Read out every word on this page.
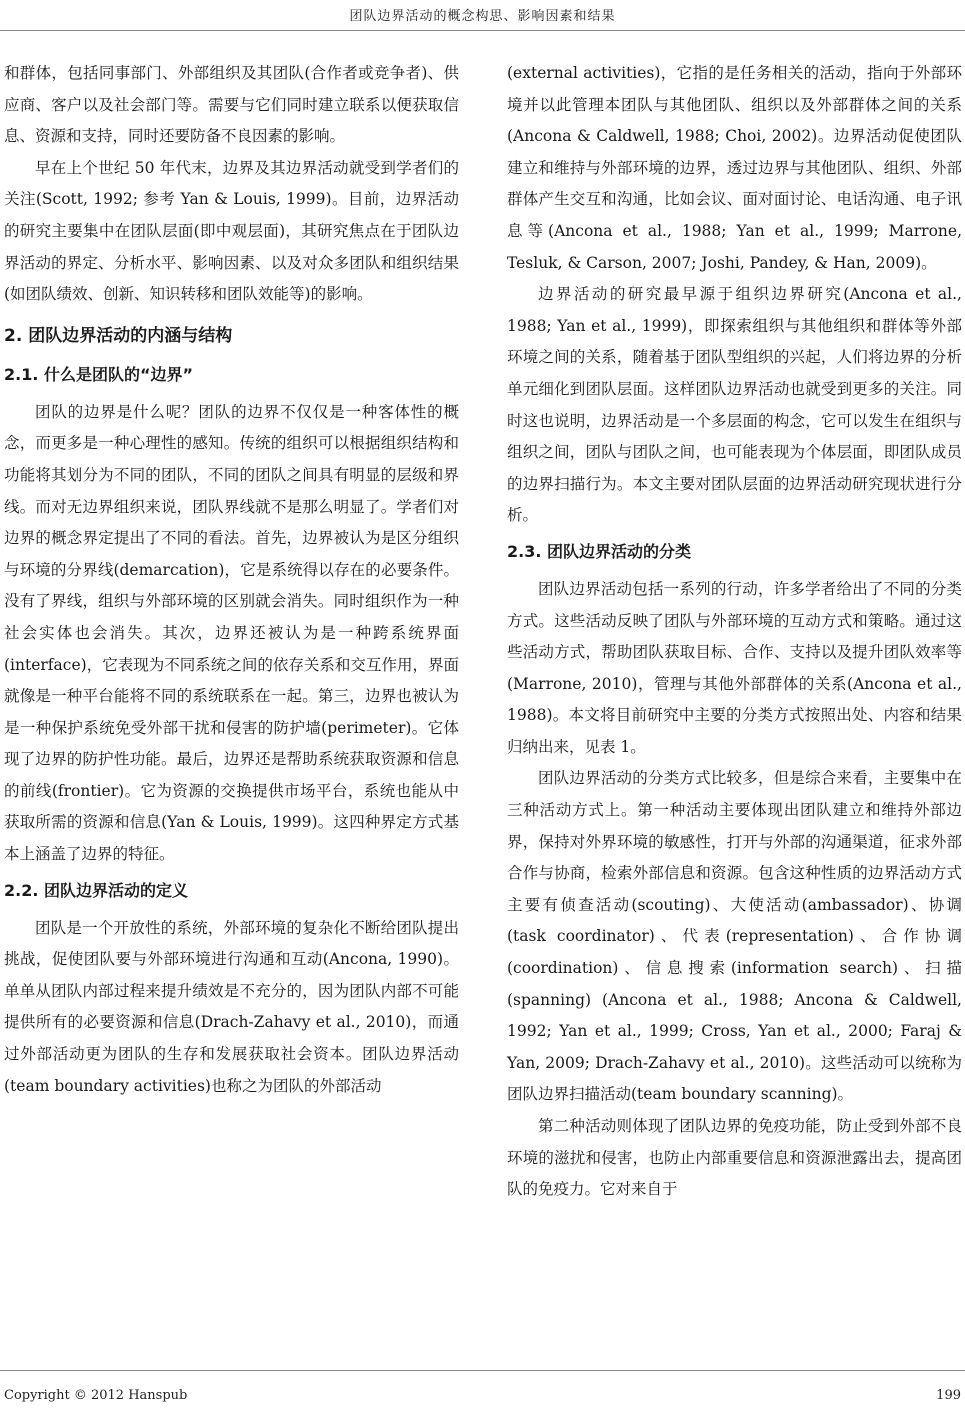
团队边界活动的概念构思、影响因素和结果

和群体，包括同事部门、外部组织及其团队(合作者或竞争者)、供应商、客户以及社会部门等。需要与它们同时建立联系以便获取信息、资源和支持，同时还要防备不良因素的影响。

早在上个世纪 50 年代末，边界及其边界活动就受到学者们的关注(Scott, 1992; 参考 Yan & Louis, 1999)。目前，边界活动的研究主要集中在团队层面(即中观层面)，其研究焦点在于团队边界活动的界定、分析水平、影响因素、以及对众多团队和组织结果(如团队绩效、创新、知识转移和团队效能等)的影响。

2. 团队边界活动的内涵与结构
2.1. 什么是团队的“边界”

团队的边界是什么呢？团队的边界不仅仅是一种客体性的概念，而更多是一种心理性的感知。传统的组织可以根据组织结构和功能将其划分为不同的团队，不同的团队之间具有明显的层级和界线。而对无边界组织来说，团队界线就不是那么明显了。学者们对边界的概念界定提出了不同的看法。首先，边界被认为是区分组织与环境的分界线(demarcation)，它是系统得以存在的必要条件。没有了界线，组织与外部环境的区别就会消失。同时组织作为一种社会实体也会消失。其次，边界还被认为是一种跨系统界面(interface)，它表现为不同系统之间的依存关系和交互作用，界面就像是一种平台能将不同的系统联系在一起。第三，边界也被认为是一种保护系统免受外部干扰和侵害的防护墙(perimeter)。它体现了边界的防护性功能。最后，边界还是帮助系统获取资源和信息的前线(frontier)。它为资源的交换提供市场平台，系统也能从中获取所需的资源和信息(Yan & Louis, 1999)。这四种界定方式基本上涵盖了边界的特征。

2.2. 团队边界活动的定义

团队是一个开放性的系统，外部环境的复杂化不断给团队提出挑战，促使团队要与外部环境进行沟通和互动(Ancona, 1990)。单单从团队内部过程来提升绩效是不充分的，因为团队内部不可能提供所有的必要资源和信息(Drach-Zahavy et al., 2010)，而通过外部活动更为团队的生存和发展获取社会资本。团队边界活动(team boundary activities)也称之为团队的外部活动

(external activities)，它指的是任务相关的活动，指向于外部环境并以此管理本团队与其他团队、组织以及外部群体之间的关系(Ancona & Caldwell, 1988; Choi, 2002)。边界活动促使团队建立和维持与外部环境的边界，透过边界与其他团队、组织、外部群体产生交互和沟通，比如会议、面对面讨论、电话沟通、电子讯息等(Ancona et al., 1988; Yan et al., 1999; Marrone, Tesluk, & Carson, 2007; Joshi, Pandey, & Han, 2009)。

边界活动的研究最早源于组织边界研究(Ancona et al., 1988; Yan et al., 1999)，即探索组织与其他组织和群体等外部环境之间的关系，随着基于团队型组织的兴起，人们将边界的分析单元细化到团队层面。这样团队边界活动也就受到更多的关注。同时这也说明，边界活动是一个多层面的构念，它可以发生在组织与组织之间，团队与团队之间，也可能表现为个体层面，即团队成员的边界扫描行为。本文主要对团队层面的边界活动研究现状进行分析。

2.3. 团队边界活动的分类

团队边界活动包括一系列的行动，许多学者给出了不同的分类方式。这些活动反映了团队与外部环境的互动方式和策略。通过这些活动方式，帮助团队获取目标、合作、支持以及提升团队效率等(Marrone, 2010)，管理与其他外部群体的关系(Ancona et al., 1988)。本文将目前研究中主要的分类方式按照出处、内容和结果归纳出来，见表 1。

团队边界活动的分类方式比较多，但是综合来看，主要集中在三种活动方式上。第一种活动主要体现出团队建立和维持外部边界，保持对外界环境的敏感性，打开与外部的沟通渠道，征求外部合作与协商，检索外部信息和资源。包含这种性质的边界活动方式主要有侦查活动(scouting)、大使活动(ambassador)、协调(task coordinator)、代表(representation)、合作协调(coordination)、信息搜索(information search)、扫描(spanning) (Ancona et al., 1988; Ancona & Caldwell, 1992; Yan et al., 1999; Cross, Yan et al., 2000; Faraj & Yan, 2009; Drach-Zahavy et al., 2010)。这些活动可以统称为团队边界扫描活动(team boundary scanning)。

第二种活动则体现了团队边界的免疫功能，防止受到外部不良环境的滋扰和侵害，也防止内部重要信息和资源泄露出去，提高团队的免疫力。它对来自于

Copyright © 2012 Hanspub	199
